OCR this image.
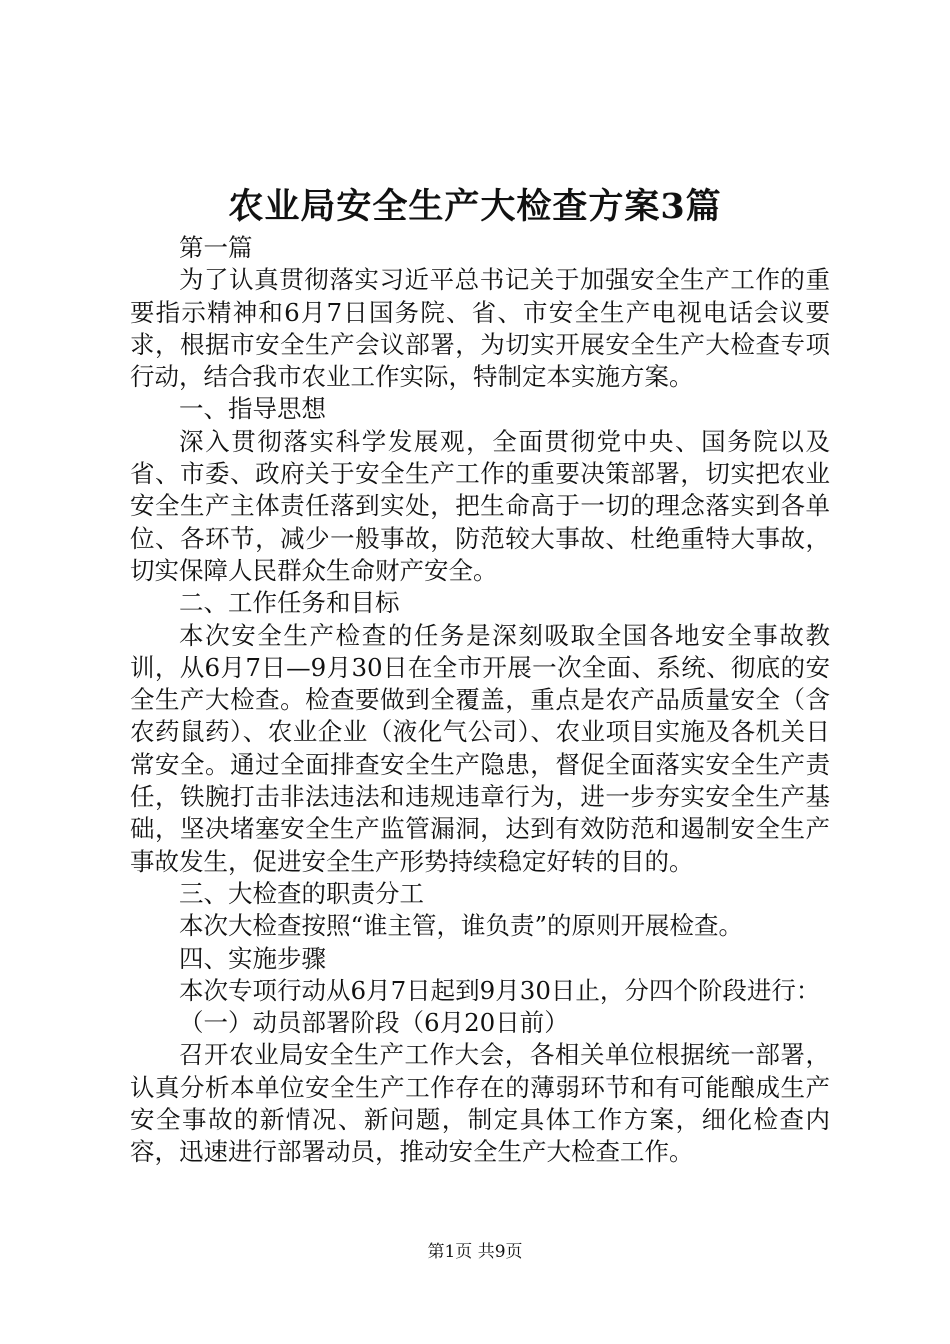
农业局安全生产大检查方案3篇

第一篇

为了认真贯彻落实习近平总书记关于加强安全生产工作的重要指示精神和6月7日国务院、省、市安全生产电视电话会议要求，根据市安全生产会议部署，为切实开展安全生产大检查专项行动，结合我市农业工作实际，特制定本实施方案。

一、指导思想

深入贯彻落实科学发展观，全面贯彻党中央、国务院以及省、市委、政府关于安全生产工作的重要决策部署，切实把农业安全生产主体责任落到实处，把生命高于一切的理念落实到各单位、各环节，减少一般事故，防范较大事故、杜绝重特大事故，切实保障人民群众生命财产安全。

二、工作任务和目标

本次安全生产检查的任务是深刻吸取全国各地安全事故教训，从6月7日—9月30日在全市开展一次全面、系统、彻底的安全生产大检查。检查要做到全覆盖，重点是农产品质量安全（含农药鼠药）、农业企业（液化气公司）、农业项目实施及各机关日常安全。通过全面排查安全生产隐患，督促全面落实安全生产责任，铁腕打击非法违法和违规违章行为，进一步夯实安全生产基础，坚决堵塞安全生产监管漏洞，达到有效防范和遏制安全生产事故发生，促进安全生产形势持续稳定好转的目的。

三、大检查的职责分工

本次大检查按照“谁主管，谁负责”的原则开展检查。

四、实施步骤

本次专项行动从6月7日起到9月30日止，分四个阶段进行：

（一）动员部署阶段（6月20日前）

召开农业局安全生产工作大会，各相关单位根据统一部署，认真分析本单位安全生产工作存在的薄弱环节和有可能酿成生产安全事故的新情况、新问题，制定具体工作方案，细化检查内容，迅速进行部署动员，推动安全生产大检查工作。

第1页 共9页
